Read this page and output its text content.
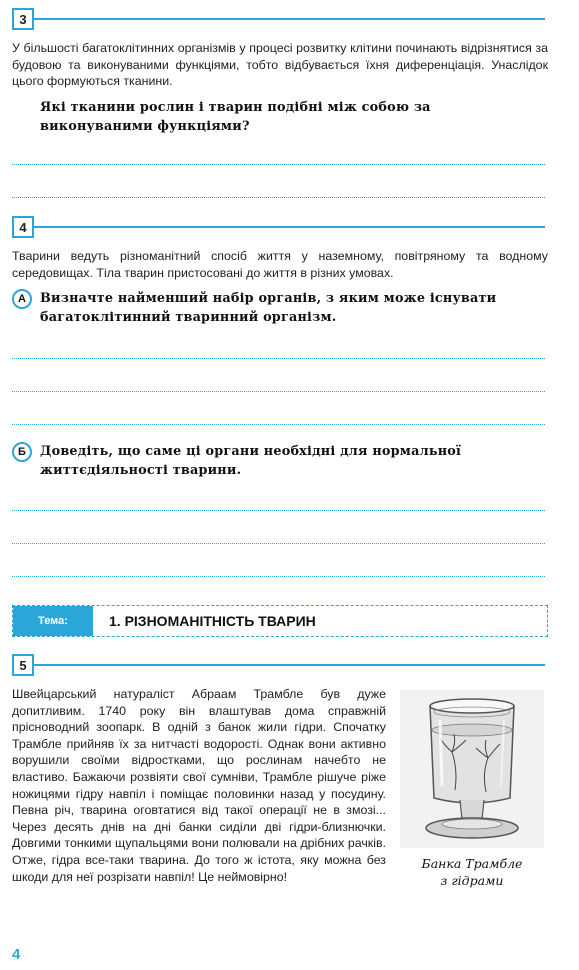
3
У більшості багатоклітинних організмів у процесі розвитку клітини починають відрізнятися за будовою та виконуваними функціями, тобто відбувається їхня диференціація. Унаслідок цього формуються тканини.
Які тканини рослин і тварин подібні між собою за виконуваними функціями?
4
Тварини ведуть різноманітний спосіб життя у наземному, повітряному та водному середовищах. Тіла тварин пристосовані до життя в різних умовах.
А	Визначте найменший набір органів, з яким може існувати багатоклітинний тваринний організм.
Б	Доведіть, що саме ці органи необхідні для нормальної життєдіяльності тварини.
Тема:	1. РІЗНОМАНІТНІСТЬ ТВАРИН
5
Швейцарський натураліст Абраам Трамбле був дуже допитливим. 1740 року він влаштував дома справжній прісноводний зоопарк. В одній з банок жили гідри. Спочатку Трамбле прийняв їх за нитчасті водорості. Однак вони активно ворушили своїми відростками, що рослинам начебто не властиво. Бажаючи розвіяти свої сумніви, Трамбле рішуче ріже ножицями гідру навпіл і поміщає половинки назад у посудину. Певна річ, тварина оговтатися від такої операції не в змозі... Через десять днів на дні банки сиділи дві гідри-близнючки. Довгими тонкими щупальцями вони полювали на дрібних рачків. Отже, гідра все-таки тварина. До того ж істота, яку можна без шкоди для неї розрізати навпіл! Це неймовірно!
Банка Трамбле
з гідрами
4
